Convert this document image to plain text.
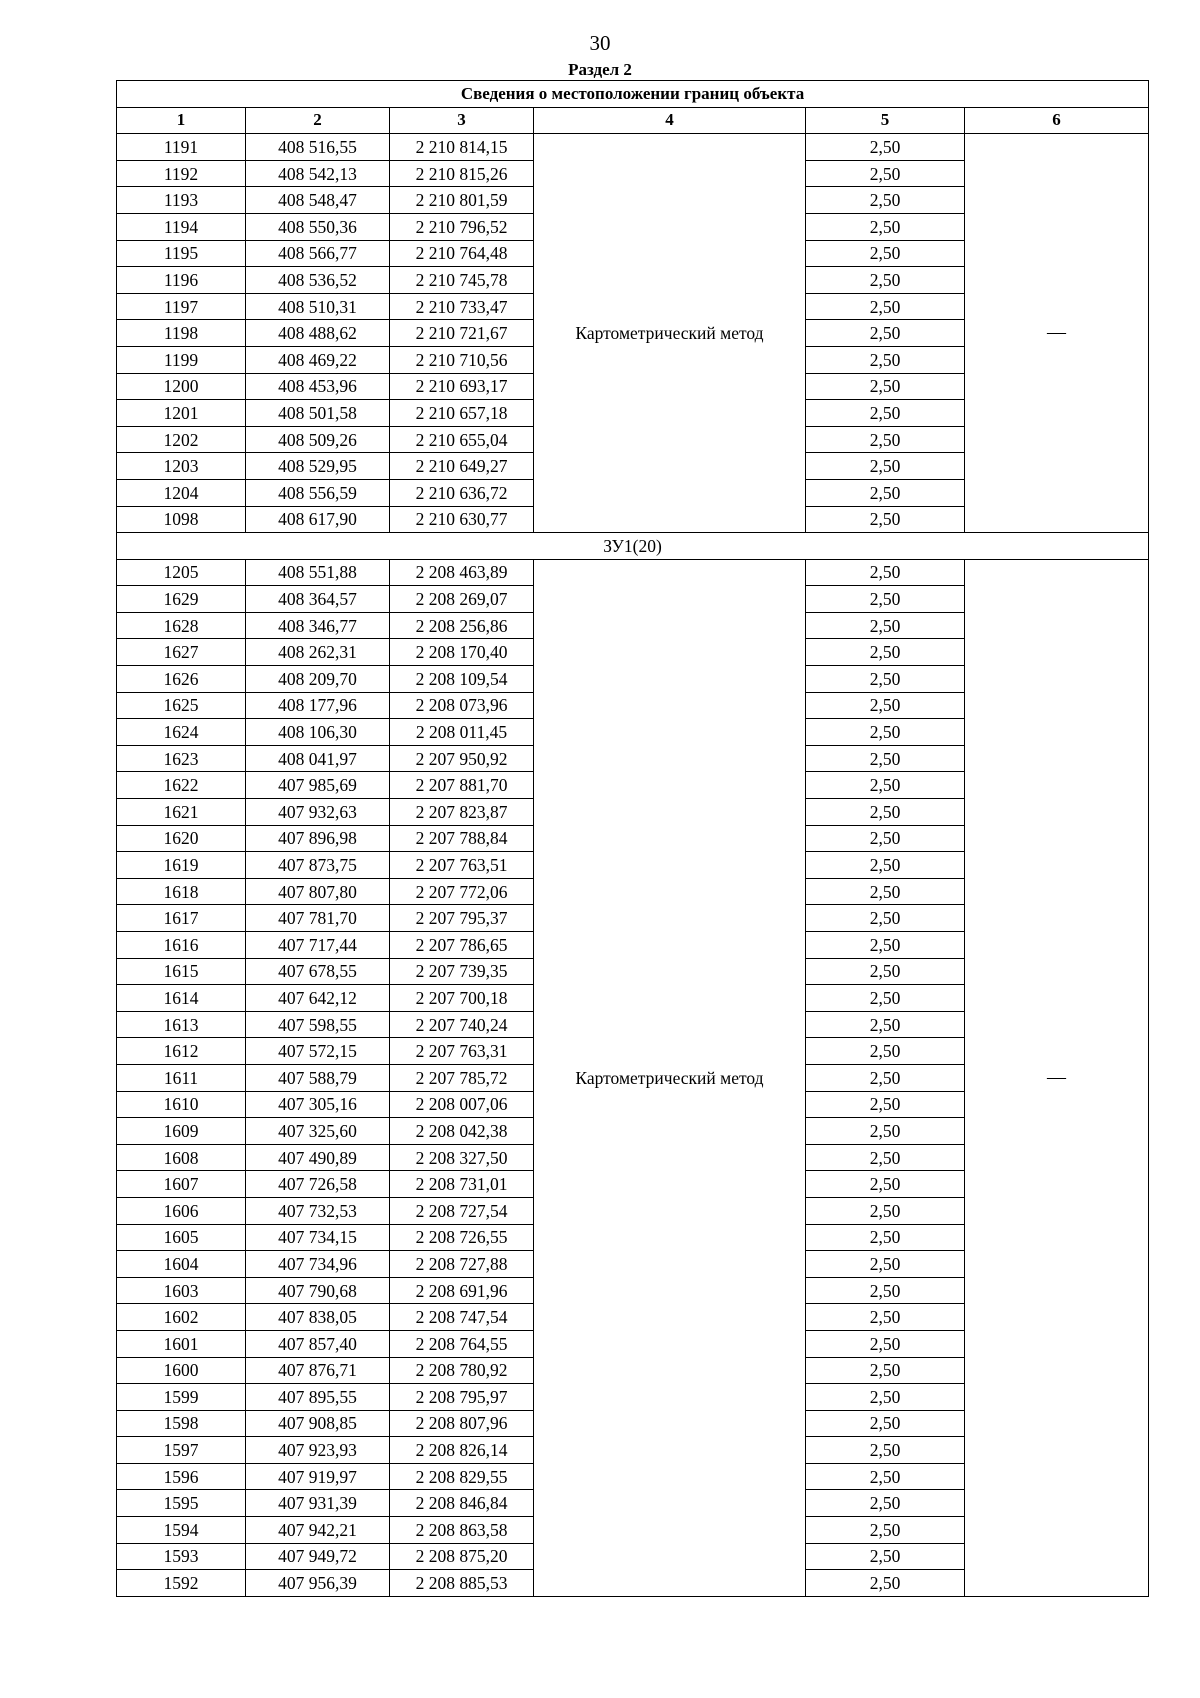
30
Раздел 2
Сведения о местоположении границ объекта					
1	2	3	4	5	6
1191	408 516,55	2 210 814,15	Картометрический метод	2,50	—
1192	408 542,13	2 210 815,26		2,50	
1193	408 548,47	2 210 801,59		2,50	
1194	408 550,36	2 210 796,52		2,50	
1195	408 566,77	2 210 764,48		2,50	
1196	408 536,52	2 210 745,78		2,50	
1197	408 510,31	2 210 733,47		2,50	
1198	408 488,62	2 210 721,67		2,50	
1199	408 469,22	2 210 710,56		2,50	
1200	408 453,96	2 210 693,17		2,50	
1201	408 501,58	2 210 657,18		2,50	
1202	408 509,26	2 210 655,04		2,50	
1203	408 529,95	2 210 649,27		2,50	
1204	408 556,59	2 210 636,72		2,50	
1098	408 617,90	2 210 630,77		2,50	
ЗУ1(20)					
1205	408 551,88	2 208 463,89	Картометрический метод	2,50	—
1629	408 364,57	2 208 269,07		2,50	
1628	408 346,77	2 208 256,86		2,50	
1627	408 262,31	2 208 170,40		2,50	
1626	408 209,70	2 208 109,54		2,50	
1625	408 177,96	2 208 073,96		2,50	
1624	408 106,30	2 208 011,45		2,50	
1623	408 041,97	2 207 950,92		2,50	
1622	407 985,69	2 207 881,70		2,50	
1621	407 932,63	2 207 823,87		2,50	
1620	407 896,98	2 207 788,84		2,50	
1619	407 873,75	2 207 763,51		2,50	
1618	407 807,80	2 207 772,06		2,50	
1617	407 781,70	2 207 795,37		2,50	
1616	407 717,44	2 207 786,65		2,50	
1615	407 678,55	2 207 739,35		2,50	
1614	407 642,12	2 207 700,18		2,50	
1613	407 598,55	2 207 740,24		2,50	
1612	407 572,15	2 207 763,31		2,50	
1611	407 588,79	2 207 785,72		2,50	
1610	407 305,16	2 208 007,06		2,50	
1609	407 325,60	2 208 042,38		2,50	
1608	407 490,89	2 208 327,50		2,50	
1607	407 726,58	2 208 731,01		2,50	
1606	407 732,53	2 208 727,54		2,50	
1605	407 734,15	2 208 726,55		2,50	
1604	407 734,96	2 208 727,88		2,50	
1603	407 790,68	2 208 691,96		2,50	
1602	407 838,05	2 208 747,54		2,50	
1601	407 857,40	2 208 764,55		2,50	
1600	407 876,71	2 208 780,92		2,50	
1599	407 895,55	2 208 795,97		2,50	
1598	407 908,85	2 208 807,96		2,50	
1597	407 923,93	2 208 826,14		2,50	
1596	407 919,97	2 208 829,55		2,50	
1595	407 931,39	2 208 846,84		2,50	
1594	407 942,21	2 208 863,58		2,50	
1593	407 949,72	2 208 875,20		2,50	
1592	407 956,39	2 208 885,53		2,50	
